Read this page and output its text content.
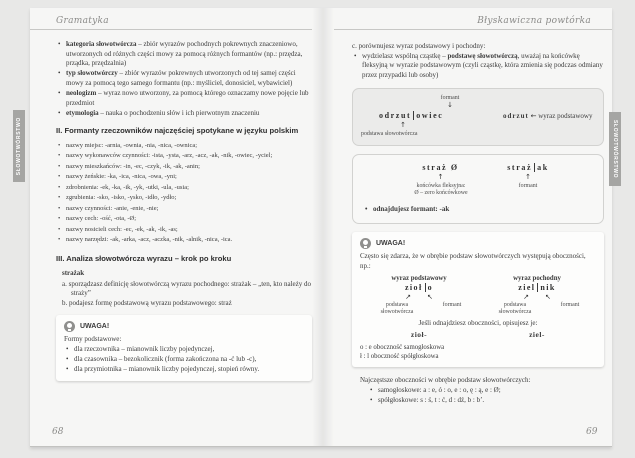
Gramatyka	Błyskawiczna powtórka
SŁOWOTWÓRSTWO	SŁOWOTWÓRSTWO
68	69
• kategoria słowotwórcza – zbiór wyrazów pochodnych pokrewnych znaczeniowo, utworzonych od różnych części mowy za pomocą różnych formantów (np.: przędza, prządka, przędzalnia)
• typ słowotwórczy – zbiór wyrazów pokrewnych utworzonych od tej samej części mowy za pomocą tego samego formantu (np.: myśliciel, donosiciel, wybawiciel)
• neologizm – wyraz nowo utworzony, za pomocą którego oznaczamy nowe pojęcie lub przedmiot
• etymologia – nauka o pochodzeniu słów i ich pierwotnym znaczeniu
II. Formanty rzeczowników najczęściej spotykane w języku polskim
• nazwy miejsc: -arnia, -ownia, -nia, -nica, -ownica;
• nazwy wykonawców czynności: -ista, -ysta, -arz, -acz, -ak, -nik, -owiec, -yciel;
• nazwy mieszkańców: -in, -ec, -czyk, -ik, -ak, -anin;
• nazwy żeńskie: -ka, -ica, -nica, -owa, -yni;
• zdrobnienia: -ek, -ka, -ik, -yk, -utki, -ula, -usia;
• zgrubienia: -sko, -isko, -ysko, -idło, -ydło;
• nazwy czynności: -anie, -enie, -nie;
• nazwy cech: -ość, -ota, -Ø;
• nazwy nosicieli cech: -ec, -ek, -ak, -ik, -as;
• nazwy narzędzi: -ak, -arka, -acz, -aczka, -nik, -alnik, -nica, -ica.
III. Analiza słowotwórcza wyrazu – krok po kroku
strażak
a. sporządzasz definicję słowotwórczą wyrazu pochodnego: strażak – „ten, kto należy do straży”
b. podajesz formę podstawową wyrazu podstawowego: straż
UWAGA!
Formy podstawowe:
• dla rzeczownika – mianownik liczby pojedynczej,
• dla czasownika – bezokolicznik (forma zakończona na -ć lub -c),
• dla przymiotnika – mianownik liczby pojedynczej, stopień równy.
c. porównujesz wyraz podstawowy i pochodny:
• wydzielasz wspólną cząstkę – podstawę słowotwórczą, uważaj na końcówkę fleksyjną w wyrazie podstawowym (czyli cząstkę, która zmienia się podczas odmiany przez przypadki lub osoby)
formant
↓
odrzut owiec
↑
podstawa słowotwórcza
odrzut ← wyraz podstawowy
straż Ø
↑
końcówka fleksyjna:
Ø – zero końcówkowe
straż ak
↑
formant
• odnajdujesz formant: -ak
UWAGA!
Często się zdarza, że w obrębie podstaw słowotwórczych występują oboczności, np.:
wyraz podstawowy
zioł o
↗ ↖
podstawa słowotwórcza
formant
wyraz pochodny
ziel nik
↗ ↖
podstawa słowotwórcza
formant
Jeśli odnajdziesz oboczności, opisujesz je:
zioł-	ziel-
o : e oboczność samogłoskowa
ł : l oboczność spółgłoskowa
Najczęstsze oboczności w obrębie podstaw słowotwórczych:
• samogłoskowe: a : e, ó : o, e : o, ę : ą, e : Ø;
• spółgłoskowe: s : ś, t : ć, d : dź, b : b’.
